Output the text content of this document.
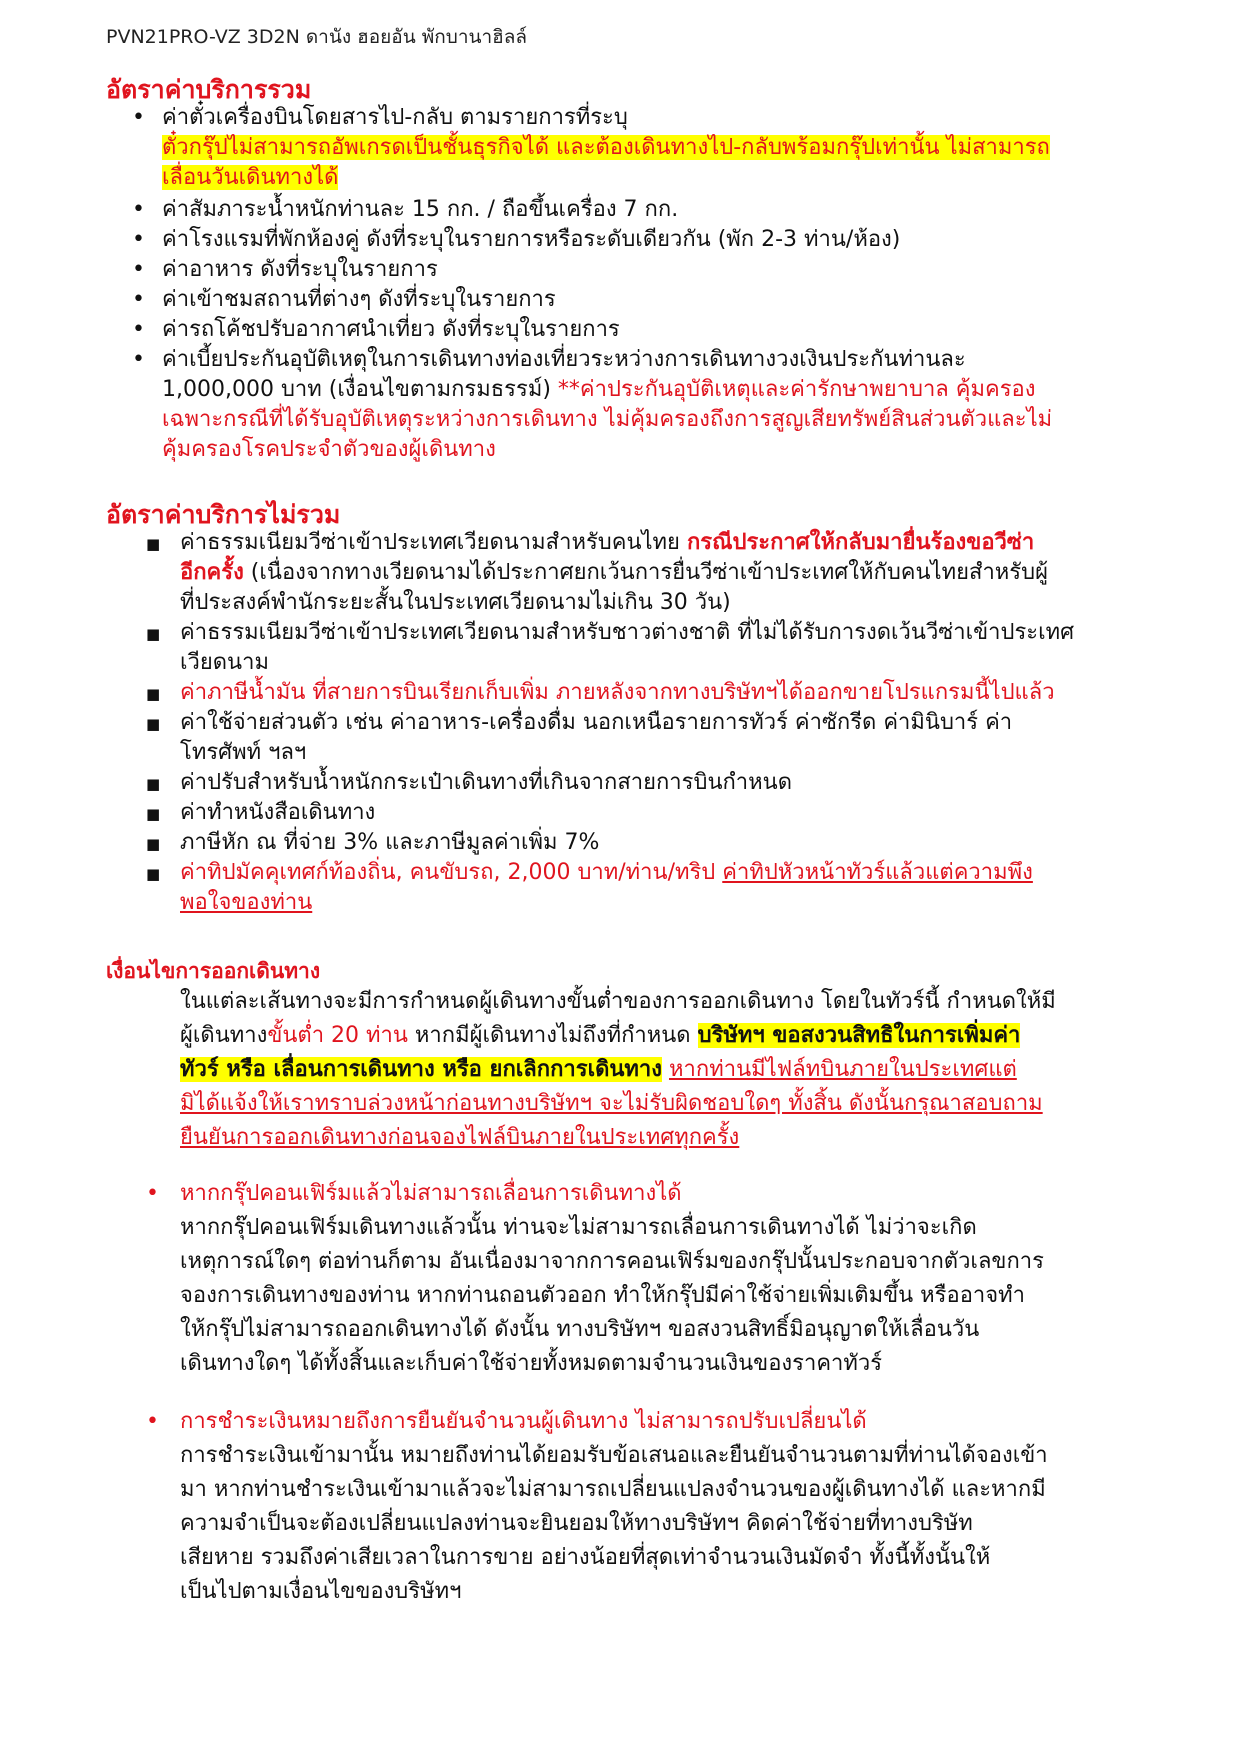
PVN21PRO-VZ 3D2N ดานัง ฮอยอัน พักบานาฮิลล์
อัตราค่าบริการรวม
• ค่าตั๋วเครื่องบินโดยสารไป-กลับ ตามรายการที่ระบุ
ตั๋วกรุ๊ปไม่สามารถอัพเกรดเป็นชั้นธุรกิจได้ และต้องเดินทางไป-กลับพร้อมกรุ๊ปเท่านั้น ไม่สามารถ
เลื่อนวันเดินทางได้
• ค่าสัมภาระน้ำหนักท่านละ 15 กก. / ถือขึ้นเครื่อง 7 กก.
• ค่าโรงแรมที่พักห้องคู่ ดังที่ระบุในรายการหรือระดับเดียวกัน (พัก 2-3 ท่าน/ห้อง)
• ค่าอาหาร ดังที่ระบุในรายการ
• ค่าเข้าชมสถานที่ต่างๆ ดังที่ระบุในรายการ
• ค่ารถโค้ชปรับอากาศนำเที่ยว ดังที่ระบุในรายการ
• ค่าเบี้ยประกันอุบัติเหตุในการเดินทางท่องเที่ยวระหว่างการเดินทางวงเงินประกันท่านละ
1,000,000 บาท (เงื่อนไขตามกรมธรรม์) **ค่าประกันอุบัติเหตุและค่ารักษาพยาบาล คุ้มครอง
เฉพาะกรณีที่ได้รับอุบัติเหตุระหว่างการเดินทาง ไม่คุ้มครองถึงการสูญเสียทรัพย์สินส่วนตัวและไม่
คุ้มครองโรคประจำตัวของผู้เดินทาง
อัตราค่าบริการไม่รวม
■ ค่าธรรมเนียมวีซ่าเข้าประเทศเวียดนามสำหรับคนไทย กรณีประกาศให้กลับมายื่นร้องขอวีซ่า
อีกครั้ง (เนื่องจากทางเวียดนามได้ประกาศยกเว้นการยื่นวีซ่าเข้าประเทศให้กับคนไทยสำหรับผู้
ที่ประสงค์พำนักระยะสั้นในประเทศเวียดนามไม่เกิน 30 วัน)
■ ค่าธรรมเนียมวีซ่าเข้าประเทศเวียดนามสำหรับชาวต่างชาติ ที่ไม่ได้รับการงดเว้นวีซ่าเข้าประเทศ
เวียดนาม
■ ค่าภาษีน้ำมัน ที่สายการบินเรียกเก็บเพิ่ม ภายหลังจากทางบริษัทฯได้ออกขายโปรแกรมนี้ไปแล้ว
■ ค่าใช้จ่ายส่วนตัว เช่น ค่าอาหาร-เครื่องดื่ม นอกเหนือรายการทัวร์ ค่าซักรีด ค่ามินิบาร์ ค่า
โทรศัพท์ ฯลฯ
■ ค่าปรับสำหรับน้ำหนักกระเป๋าเดินทางที่เกินจากสายการบินกำหนด
■ ค่าทำหนังสือเดินทาง
■ ภาษีหัก ณ ที่จ่าย 3% และภาษีมูลค่าเพิ่ม 7%
■ ค่าทิปมัคคุเทศก์ท้องถิ่น, คนขับรถ, 2,000 บาท/ท่าน/ทริป ค่าทิปหัวหน้าทัวร์แล้วแต่ความพึง
พอใจของท่าน
เงื่อนไขการออกเดินทาง
ในแต่ละเส้นทางจะมีการกำหนดผู้เดินทางขั้นต่ำของการออกเดินทาง โดยในทัวร์นี้ กำหนดให้มี
ผู้เดินทางขั้นต่ำ 20 ท่าน หากมีผู้เดินทางไม่ถึงที่กำหนด บริษัทฯ ขอสงวนสิทธิในการเพิ่มค่า
ทัวร์ หรือ เลื่อนการเดินทาง หรือ ยกเลิกการเดินทาง หากท่านมีไฟล์ทบินภายในประเทศแต่
มิได้แจ้งให้เราทราบล่วงหน้าก่อนทางบริษัทฯ จะไม่รับผิดชอบใดๆ ทั้งสิ้น ดังนั้นกรุณาสอบถาม
ยืนยันการออกเดินทางก่อนจองไฟล์บินภายในประเทศทุกครั้ง
• หากกรุ๊ปคอนเฟิร์มแล้วไม่สามารถเลื่อนการเดินทางได้
หากกรุ๊ปคอนเฟิร์มเดินทางแล้วนั้น ท่านจะไม่สามารถเลื่อนการเดินทางได้ ไม่ว่าจะเกิด
เหตุการณ์ใดๆ ต่อท่านก็ตาม อันเนื่องมาจากการคอนเฟิร์มของกรุ๊ปนั้นประกอบจากตัวเลขการ
จองการเดินทางของท่าน หากท่านถอนตัวออก ทำให้กรุ๊ปมีค่าใช้จ่ายเพิ่มเติมขึ้น หรืออาจทำ
ให้กรุ๊ปไม่สามารถออกเดินทางได้ ดังนั้น ทางบริษัทฯ ขอสงวนสิทธิ์มิอนุญาตให้เลื่อนวัน
เดินทางใดๆ ได้ทั้งสิ้นและเก็บค่าใช้จ่ายทั้งหมดตามจำนวนเงินของราคาทัวร์
• การชำระเงินหมายถึงการยืนยันจำนวนผู้เดินทาง ไม่สามารถปรับเปลี่ยนได้
การชำระเงินเข้ามานั้น หมายถึงท่านได้ยอมรับข้อเสนอและยืนยันจำนวนตามที่ท่านได้จองเข้า
มา หากท่านชำระเงินเข้ามาแล้วจะไม่สามารถเปลี่ยนแปลงจำนวนของผู้เดินทางได้ และหากมี
ความจำเป็นจะต้องเปลี่ยนแปลงท่านจะยินยอมให้ทางบริษัทฯ คิดค่าใช้จ่ายที่ทางบริษัท
เสียหาย รวมถึงค่าเสียเวลาในการขาย อย่างน้อยที่สุดเท่าจำนวนเงินมัดจำ ทั้งนี้ทั้งนั้นให้
เป็นไปตามเงื่อนไขของบริษัทฯ
